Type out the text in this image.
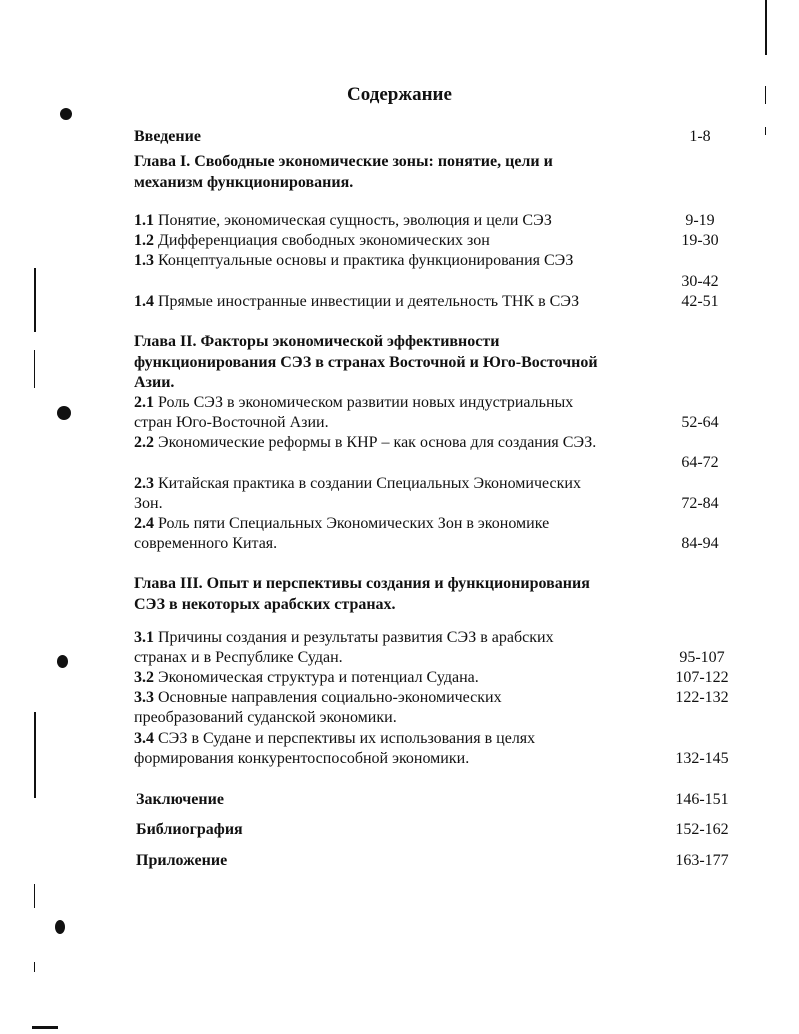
Содержание
Введение	1-8
Глава I. Свободные экономические зоны: понятие, цели и
механизм функционирования.
1.1 Понятие, экономическая сущность, эволюция и цели СЭЗ	9-19
1.2 Дифференциация свободных экономических зон	19-30
1.3 Концептуальные основы и практика функционирования СЭЗ
30-42
1.4 Прямые иностранные инвестиции и деятельность ТНК в СЭЗ	42-51
Глава II. Факторы экономической эффективности
функционирования СЭЗ в странах Восточной и Юго-Восточной
Азии.
2.1 Роль СЭЗ в экономическом развитии новых индустриальных
стран Юго-Восточной Азии.	52-64
2.2 Экономические реформы в КНР – как основа для создания СЭЗ.
64-72
2.3 Китайская практика в создании Специальных Экономических
Зон.	72-84
2.4 Роль пяти Специальных Экономических Зон в экономике
современного Китая.	84-94
Глава III. Опыт и перспективы создания и функционирования
СЭЗ в некоторых арабских странах.
3.1 Причины создания и результаты развития СЭЗ в арабских
странах и в Республике Судан.	95-107
3.2 Экономическая структура и потенциал Судана.	107-122
3.3 Основные направления социально-экономических
преобразований суданской экономики.
122-132
3.4 СЭЗ в Судане и перспективы их использования в целях
формирования конкурентоспособной экономики.	132-145
Заключение	146-151
Библиография	152-162
Приложение	163-177
